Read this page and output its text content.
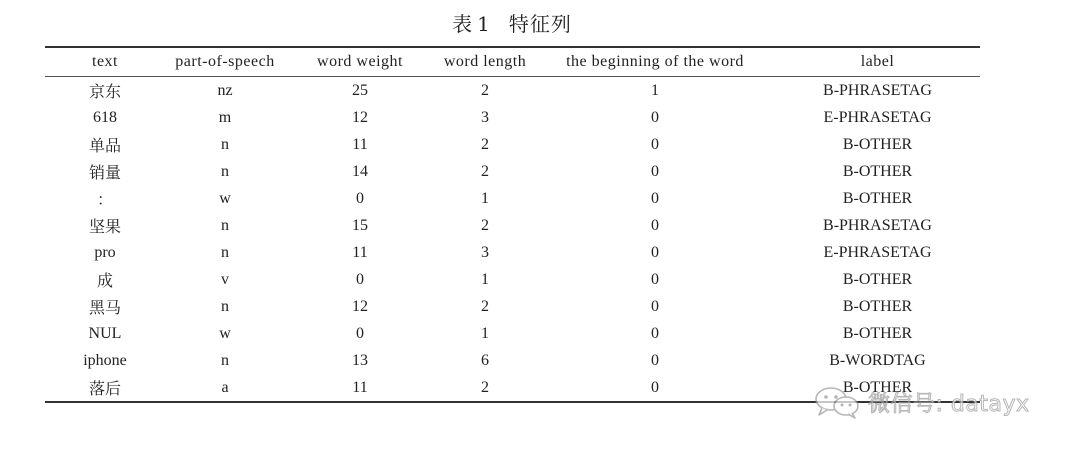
表 1 特征列
text	part-of-speech	word weight	word length	the beginning of the word	label
京东	nz	25	2	1	B-PHRASETAG
618	m	12	3	0	E-PHRASETAG
单品	n	11	2	0	B-OTHER
销量	n	14	2	0	B-OTHER
：	w	0	1	0	B-OTHER
坚果	n	15	2	0	B-PHRASETAG
pro	n	11	3	0	E-PHRASETAG
成	v	0	1	0	B-OTHER
黑马	n	12	2	0	B-OTHER
NUL	w	0	1	0	B-OTHER
iphone	n	13	6	0	B-WORDTAG
落后	a	11	2	0	B-OTHER
微信号: datayx
